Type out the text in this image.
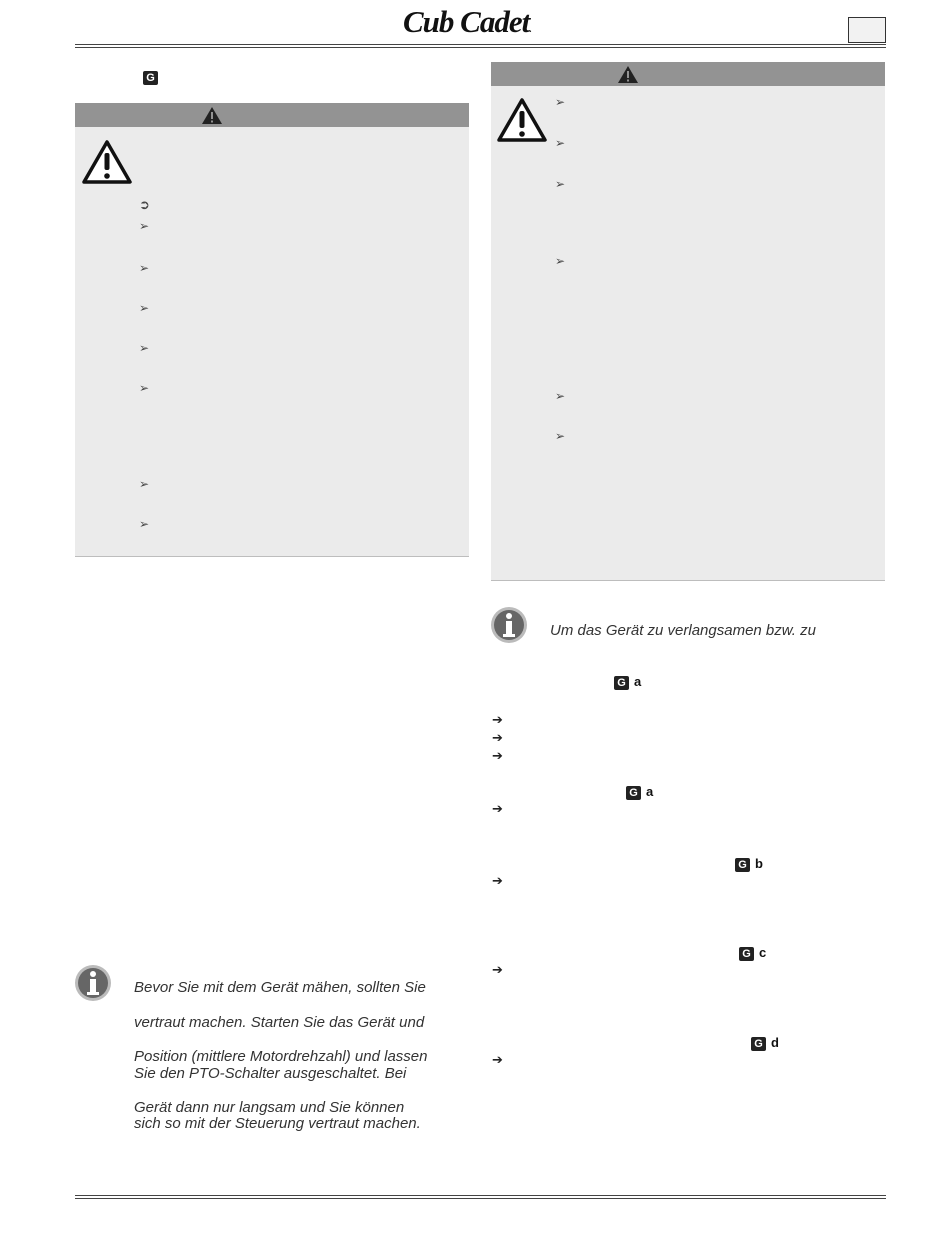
Cub Cadet.
G
➲
➢
➢
➢
➢
➢
➢
➢
Bevor Sie mit dem Gerät mähen, sollten Sie
vertraut machen. Starten Sie das Gerät und
Position (mittlere Motordrehzahl) und lassen
Sie den PTO-Schalter ausgeschaltet. Bei
Gerät dann nur langsam und Sie können
sich so mit der Steuerung vertraut machen.
➢
➢
➢
➢
➢
➢
Um das Gerät zu verlangsamen bzw. zu
G a
➔
➔
➔
G a
➔
G b
➔
G c
➔
G d
➔
